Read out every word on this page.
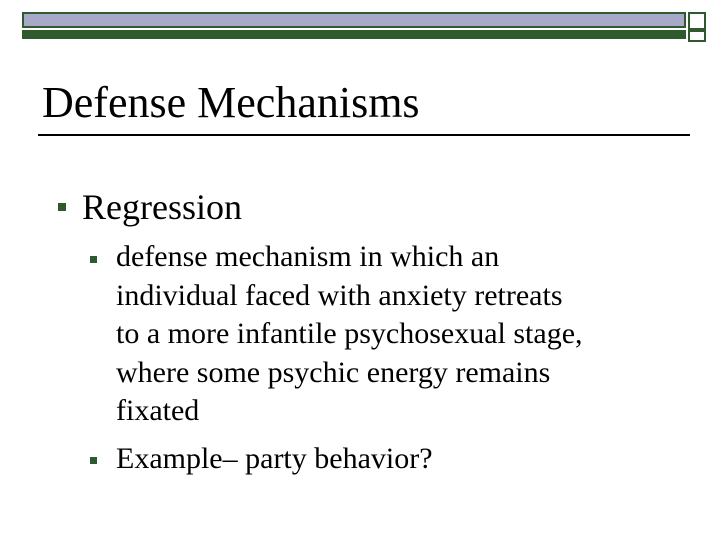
Defense Mechanisms
Regression
defense mechanism in which an
individual faced with anxiety retreats
to a more infantile psychosexual stage,
where some psychic energy remains
fixated
Example– party behavior?
